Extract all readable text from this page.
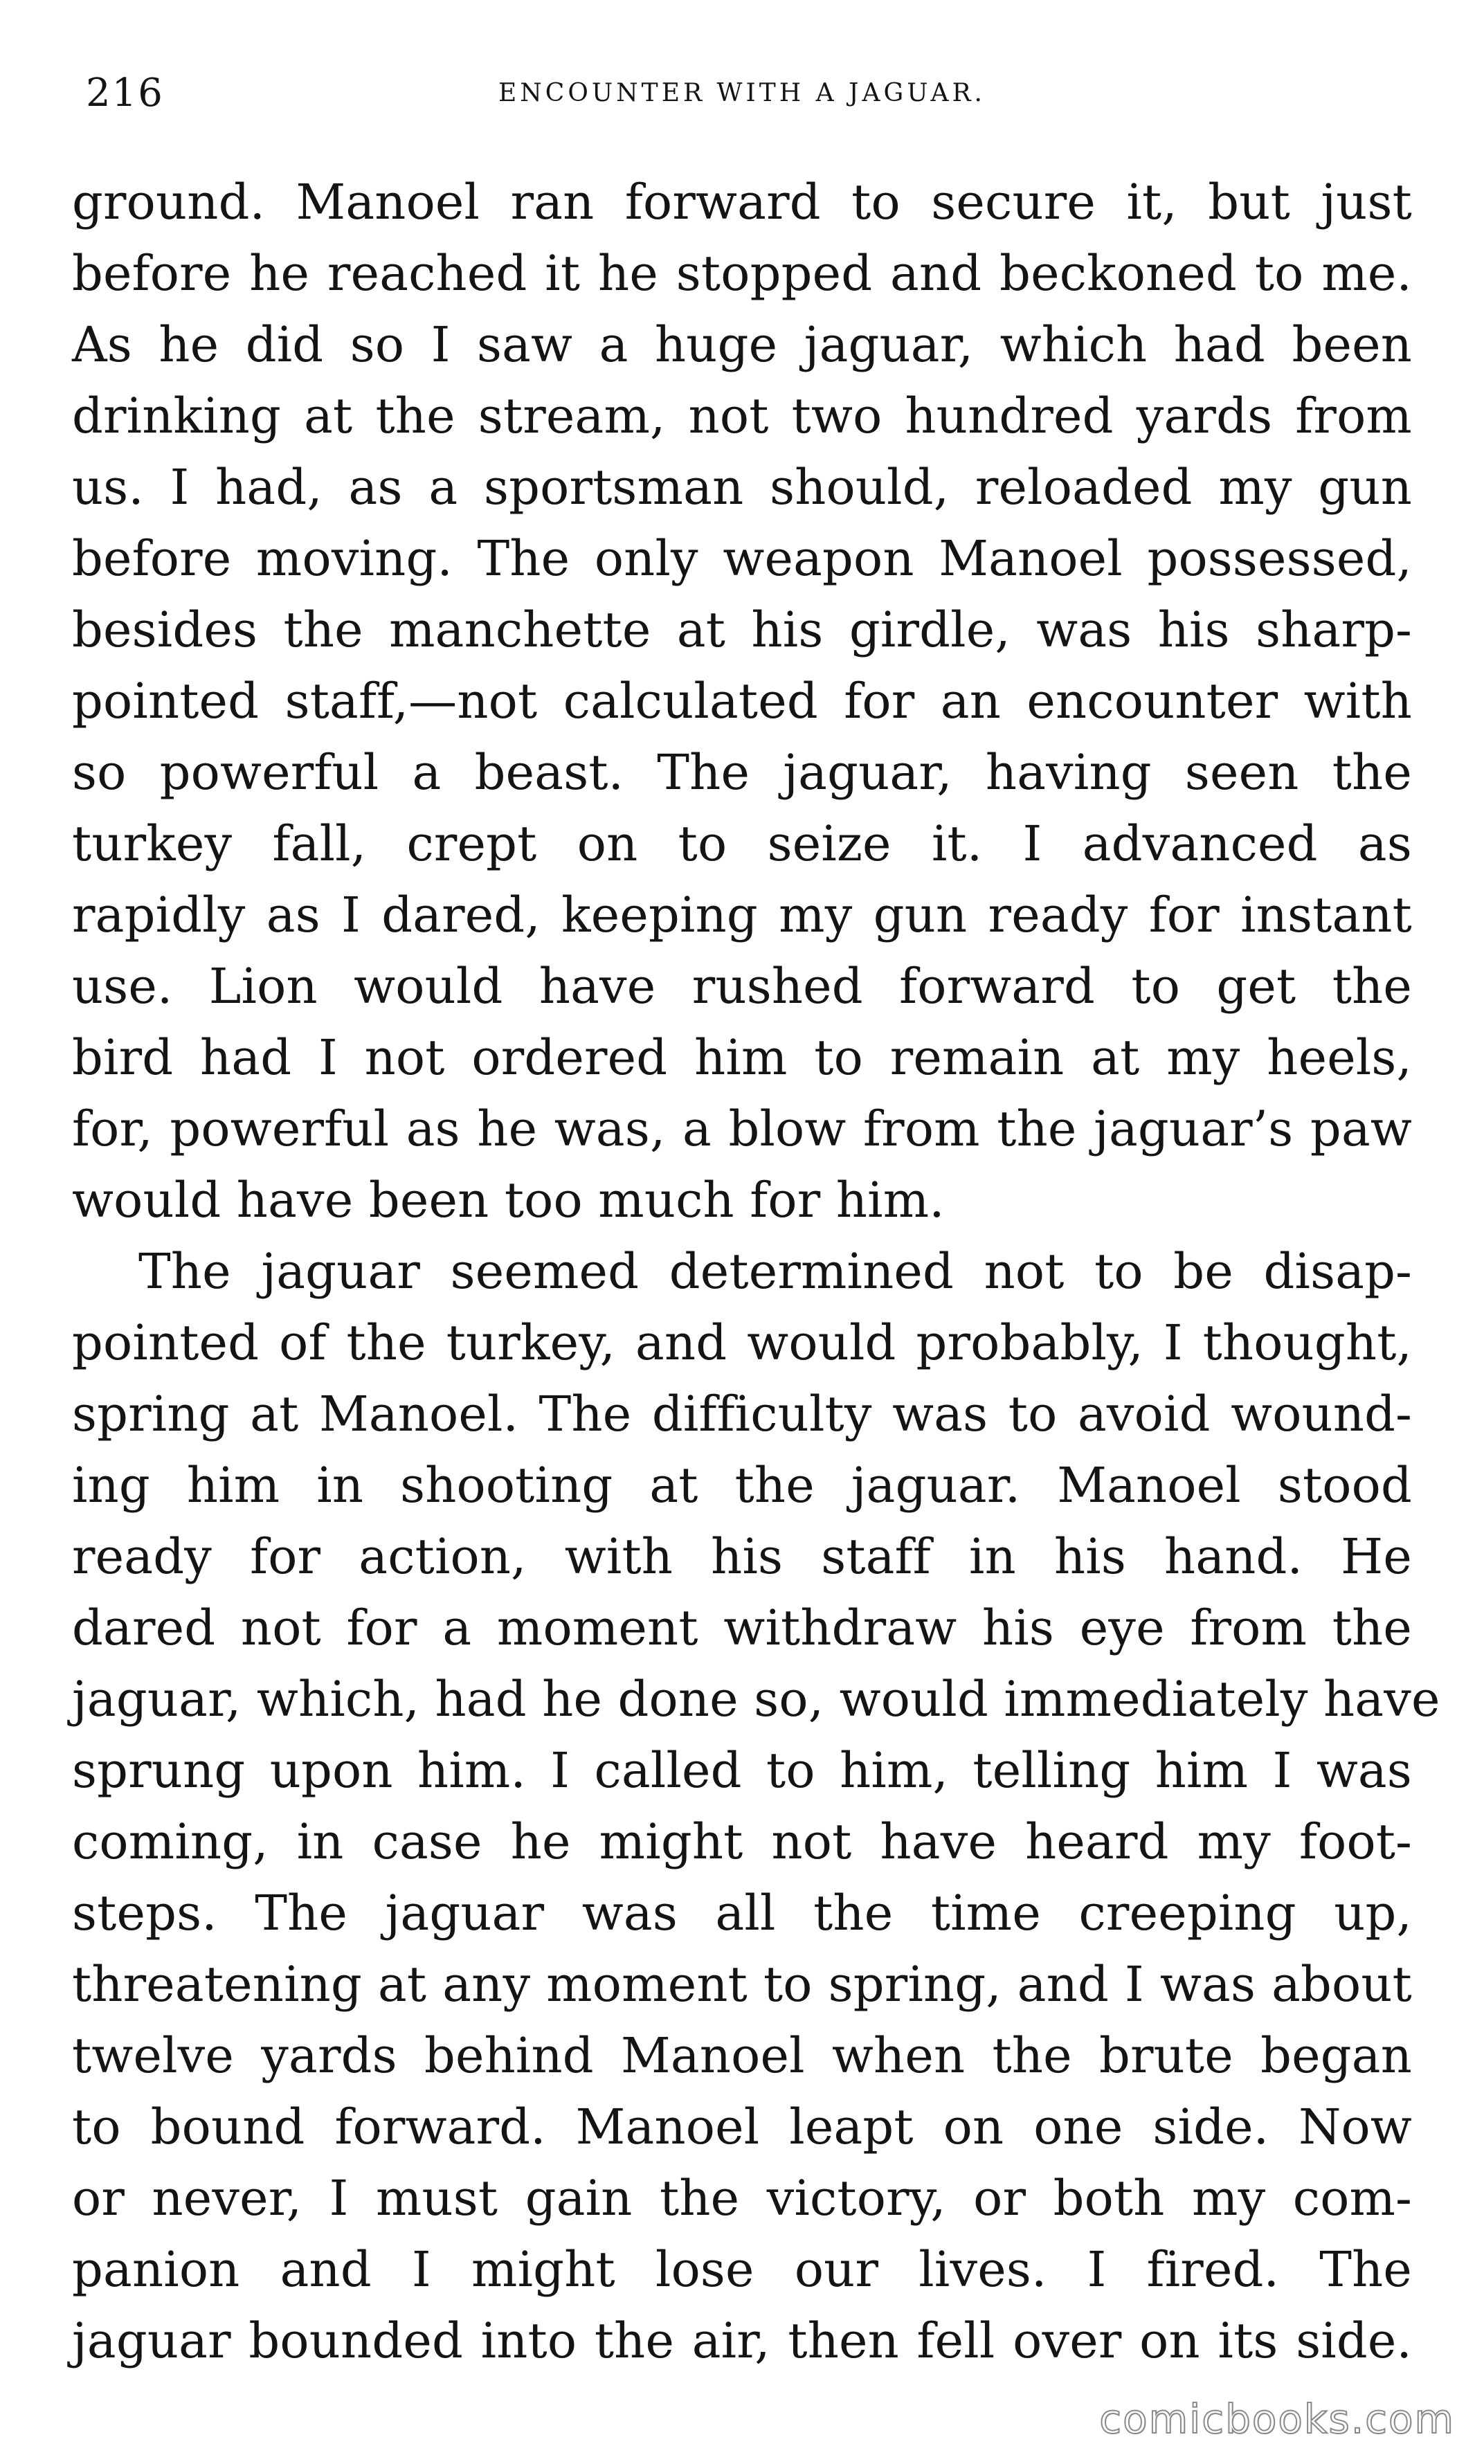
216	ENCOUNTER WITH A JAGUAR.
ground. Manoel ran forward to secure it, but just
before he reached it he stopped and beckoned to me.
As he did so I saw a huge jaguar, which had been
drinking at the stream, not two hundred yards from
us. I had, as a sportsman should, reloaded my gun
before moving. The only weapon Manoel possessed,
besides the manchette at his girdle, was his sharp-
pointed staff,—not calculated for an encounter with
so powerful a beast. The jaguar, having seen the
turkey fall, crept on to seize it. I advanced as
rapidly as I dared, keeping my gun ready for instant
use. Lion would have rushed forward to get the
bird had I not ordered him to remain at my heels,
for, powerful as he was, a blow from the jaguar’s paw
would have been too much for him.
The jaguar seemed determined not to be disap-
pointed of the turkey, and would probably, I thought,
spring at Manoel. The difficulty was to avoid wound-
ing him in shooting at the jaguar. Manoel stood
ready for action, with his staff in his hand. He
dared not for a moment withdraw his eye from the
jaguar, which, had he done so, would immediately have
sprung upon him. I called to him, telling him I was
coming, in case he might not have heard my foot-
steps. The jaguar was all the time creeping up,
threatening at any moment to spring, and I was about
twelve yards behind Manoel when the brute began
to bound forward. Manoel leapt on one side. Now
or never, I must gain the victory, or both my com-
panion and I might lose our lives. I fired. The
jaguar bounded into the air, then fell over on its side.
comicbooks.com
